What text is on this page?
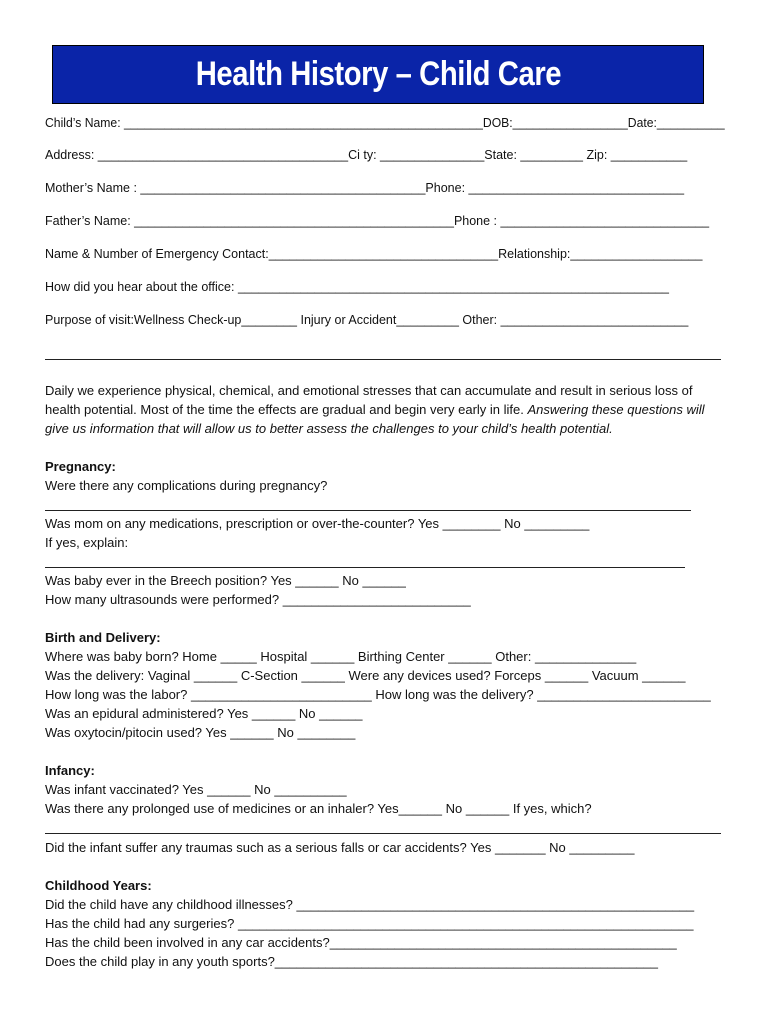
Health History – Child Care
Child’s Name: _____________________________________________________DOB:_________________Date:__________
Address: ____________________________________Ci ty: _______________State: _________ Zip: ___________
Mother’s Name : _________________________________________Phone: _______________________________
Father’s Name: ______________________________________________Phone : ______________________________
Name & Number of Emergency Contact:_________________________________Relationship:___________________
How did you hear about the office: ______________________________________________________________
Purpose of visit:Wellness Check-up________ Injury or Accident_________ Other: ___________________________
Daily we experience physical, chemical, and emotional stresses that can accumulate and result in serious loss of health potential. Most of the time the effects are gradual and begin very early in life. Answering these questions will give us information that will allow us to better assess the challenges to your child’s health potential.
Pregnancy:
Were there any complications during pregnancy?
Was mom on any medications, prescription or over-the-counter? Yes ________ No _________
If yes, explain:
Was baby ever in the Breech position? Yes ______ No ______
How many ultrasounds were performed? __________________________
Birth and Delivery:
Where was baby born? Home _____ Hospital ______ Birthing Center ______ Other: ______________
Was the delivery: Vaginal ______ C-Section ______ Were any devices used? Forceps ______ Vacuum ______
How long was the labor? _________________________ How long was the delivery? ________________________
Was an epidural administered? Yes ______ No ______
Was oxytocin/pitocin used? Yes ______ No ________
Infancy:
Was infant vaccinated? Yes ______ No __________
Was there any prolonged use of medicines or an inhaler? Yes______ No ______ If yes, which?
Did the infant suffer any traumas such as a serious falls or car accidents? Yes _______ No _________
Childhood Years:
Did the child have any childhood illnesses? _______________________________________________________
Has the child had any surgeries? _______________________________________________________________
Has the child been involved in any car accidents?________________________________________________
Does the child play in any youth sports?_____________________________________________________
